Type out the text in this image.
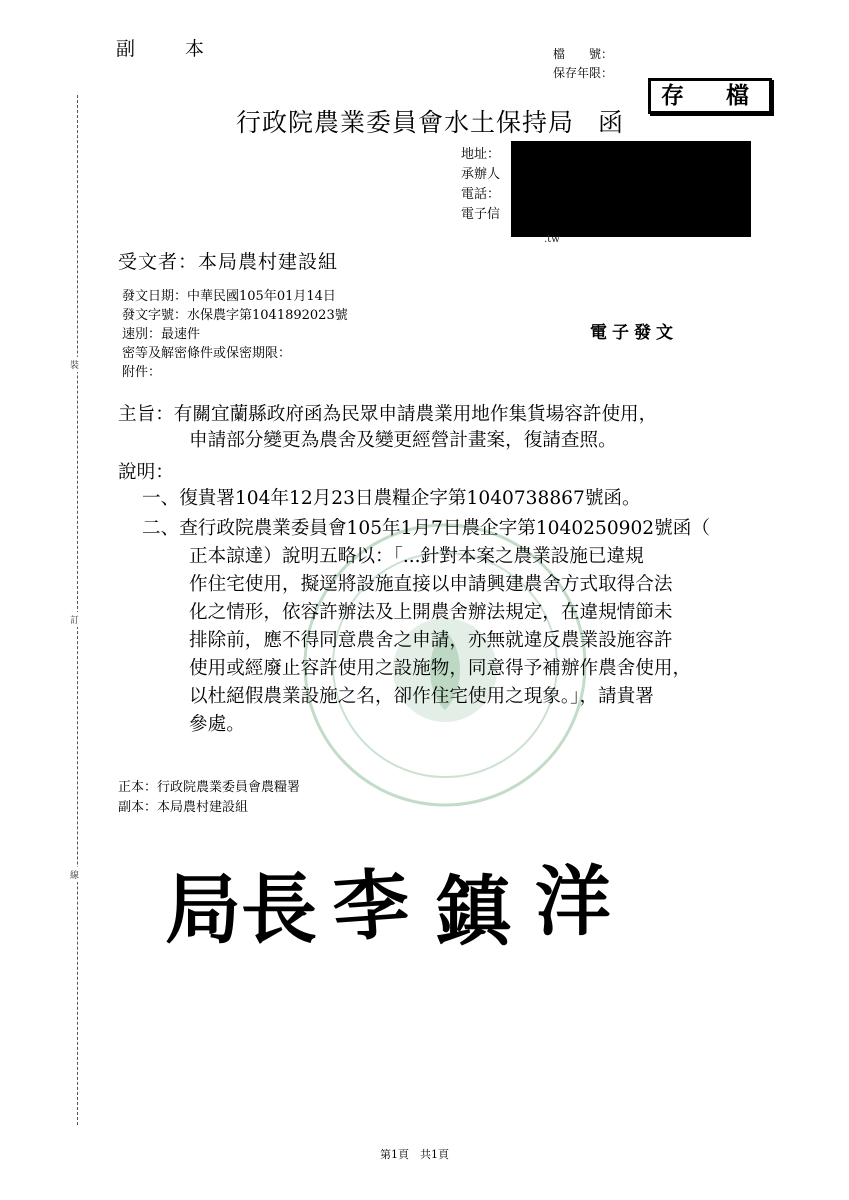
裝
訂
線
副 本	檔　　號：
保存年限：
存 檔
行政院農業委員會水土保持局 函
地址：
承辦人
電話：
電子信
.tw
受文者：本局農村建設組
發文日期：中華民國105年01月14日
發文字號：水保農字第1041892023號
速別：最速件
密等及解密條件或保密期限：
附件：
電子發文
主旨：有關宜蘭縣政府函為民眾申請農業用地作集貨場容許使用，
申請部分變更為農舍及變更經營計畫案，復請查照。
說明：
一、復貴署104年12月23日農糧企字第1040738867號函。
二、查行政院農業委員會105年1月7日農企字第1040250902號函（
正本諒達）說明五略以：「...針對本案之農業設施已違規
作住宅使用，擬逕將設施直接以申請興建農舍方式取得合法
化之情形，依容許辦法及上開農舍辦法規定，在違規情節未
排除前，應不得同意農舍之申請，亦無就違反農業設施容許
使用或經廢止容許使用之設施物，同意得予補辦作農舍使用，
以杜絕假農業設施之名，卻作住宅使用之現象。」，請貴署
參處。
正本：行政院農業委員會農糧署
副本：本局農村建設組
局 長 李 鎮 洋
第1頁　共1頁
